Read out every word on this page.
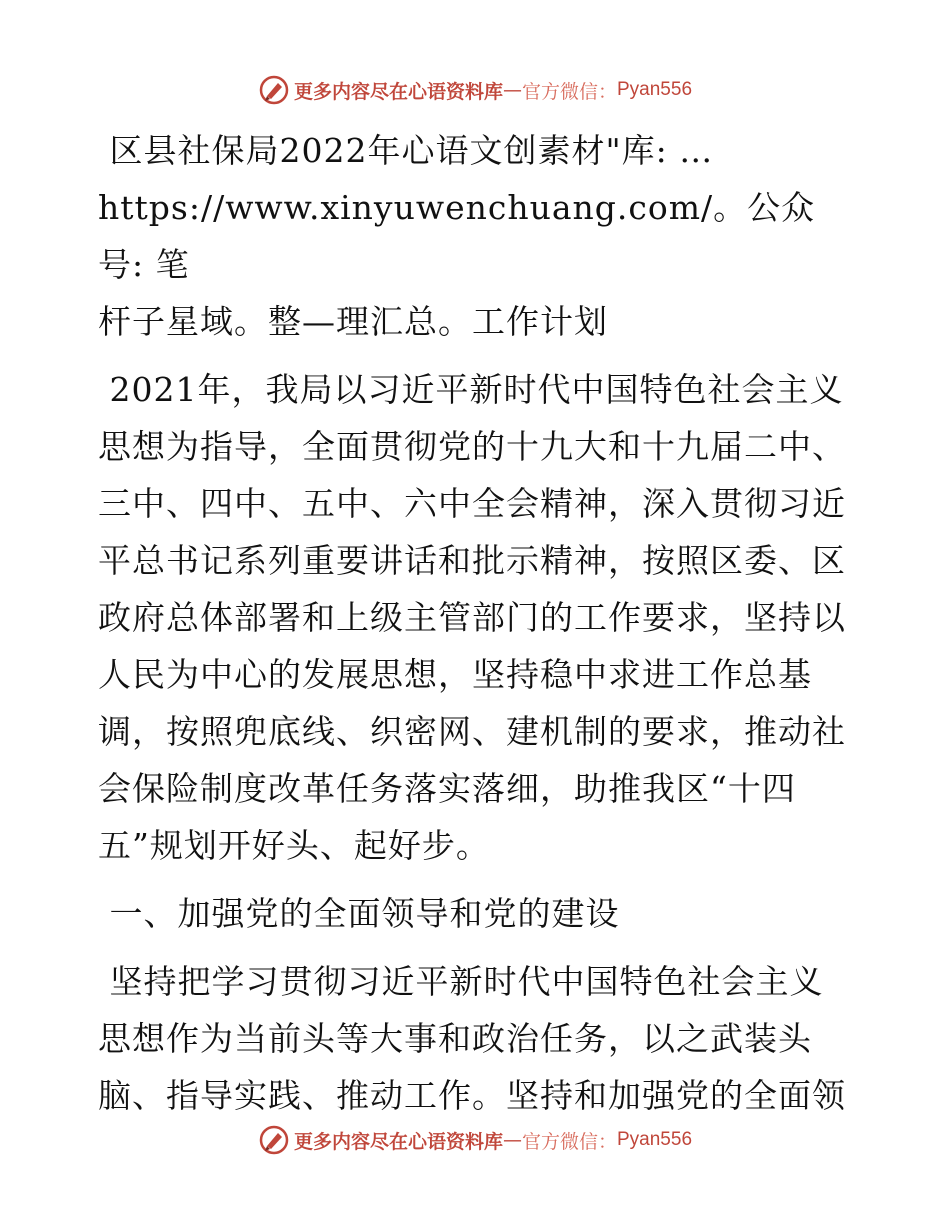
更多内容尽在心语资料库 — 官方微信： Pyan556

区县社保局2022年心语文创素材"库: …
https://www.xinyuwenchuang.com/。公众号: 笔
杆子星域。整—理汇总。工作计划

2021年，我局以习近平新时代中国特色社会主义
思想为指导，全面贯彻党的十九大和十九届二中、
三中、四中、五中、六中全会精神，深入贯彻习近
平总书记系列重要讲话和批示精神，按照区委、区
政府总体部署和上级主管部门的工作要求，坚持以
人民为中心的发展思想，坚持稳中求进工作总基
调，按照兜底线、织密网、建机制的要求，推动社
会保险制度改革任务落实落细，助推我区“十四
五”规划开好头、起好步。

一、加强党的全面领导和党的建设

坚持把学习贯彻习近平新时代中国特色社会主义
思想作为当前头等大事和政治任务，以之武装头
脑、指导实践、推动工作。坚持和加强党的全面领

更多内容尽在心语资料库 — 官方微信： Pyan556
